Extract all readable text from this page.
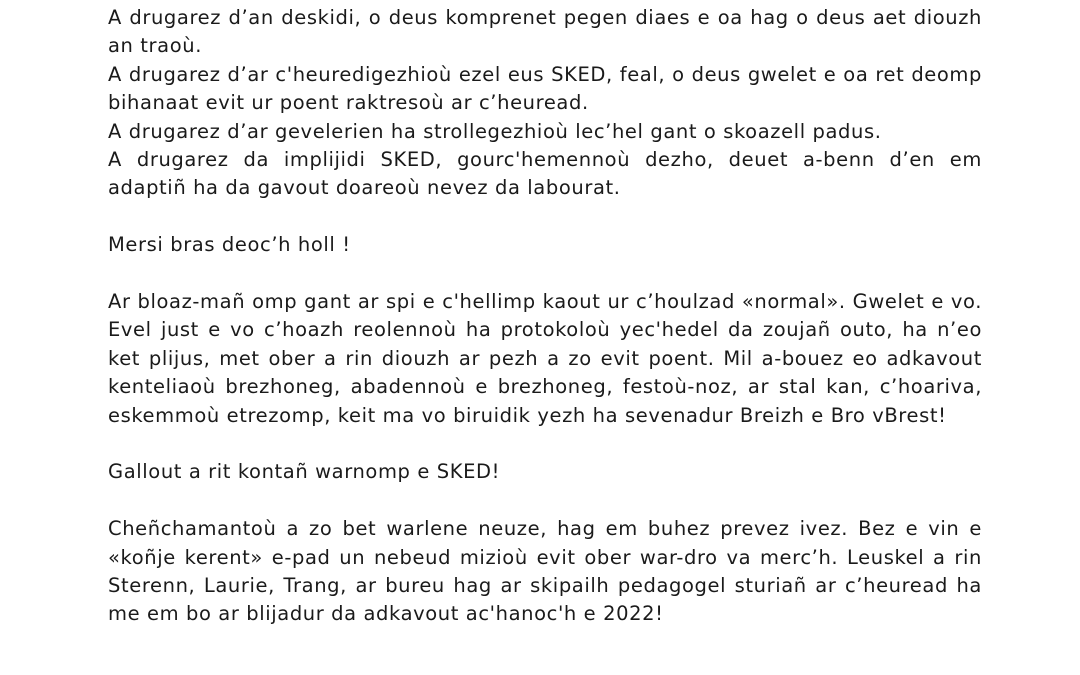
A drugarez d’an deskidi, o deus komprenet pegen diaes e oa hag o deus aet diouzh an traoù.

A drugarez d’ar c'heuredigezhioù ezel eus SKED, feal, o deus gwelet e oa ret deomp bihanaat evit ur poent raktresoù ar c’heuread.

A drugarez d’ar gevelerien ha strollegezhioù lec’hel gant o skoazell padus.

A drugarez da implijidi SKED, gourc'hemennoù dezho, deuet a-benn d’en em adaptiñ ha da gavout doareoù nevez da labourat.

Mersi bras deoc’h holl !

Ar bloaz-mañ omp gant ar spi e c'hellimp kaout ur c’houlzad «normal». Gwelet e vo. Evel just e vo c’hoazh reolennoù ha protokoloù yec'hedel da zoujañ outo, ha n’eo ket plijus, met ober a rin diouzh ar pezh a zo evit poent. Mil a-bouez eo adkavout kenteliaoù brezhoneg, abadennoù e brezhoneg, festoù-noz, ar stal kan, c’hoariva, eskemmoù etrezomp, keit ma vo biruidik yezh ha sevenadur Breizh e Bro vBrest!

Gallout a rit kontañ warnomp e SKED!

Cheñchamantoù a zo bet warlene neuze, hag em buhez prevez ivez. Bez e vin e «koñje kerent» e-pad un nebeud mizioù evit ober war-dro va merc’h. Leuskel a rin Sterenn, Laurie, Trang, ar bureu hag ar skipailh pedagogel sturiañ ar c’heuread ha me em bo ar blijadur da adkavout ac'hanoc'h e 2022!
